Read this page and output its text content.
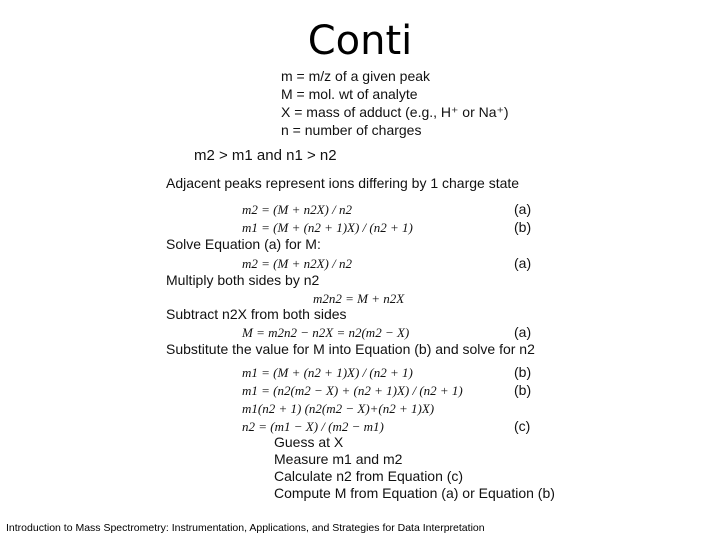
Conti
m = m/z of a given peak
M = mol. wt of analyte
X = mass of adduct (e.g., H⁺ or Na⁺)
n = number of charges
m2 > m1 and n1 > n2
Adjacent peaks represent ions differing by 1 charge state
m2 = (M + n2X) / n2	(a)
m1 = (M + (n2 + 1)X) / (n2 + 1)	(b)
Solve Equation (a) for M:
m2 = (M + n2X) / n2	(a)
Multiply both sides by n2
m2n2 = M + n2X
Subtract n2X from both sides
M = m2n2 − n2X = n2(m2 − X)	(a)
Substitute the value for M into Equation (b) and solve for n2
m1 = (M + (n2 + 1)X) / (n2 + 1)	(b)
m1 = (n2(m2 − X) + (n2 + 1)X) / (n2 + 1)	(b)
m1(n2 + 1) (n2(m2 − X)+(n2 + 1)X)
n2 = (m1 − X) / (m2 − m1)	(c)
Guess at X
Measure m1 and m2
Calculate n2 from Equation (c)
Compute M from Equation (a) or Equation (b)
Introduction to Mass Spectrometry: Instrumentation, Applications, and Strategies for Data Interpretation
